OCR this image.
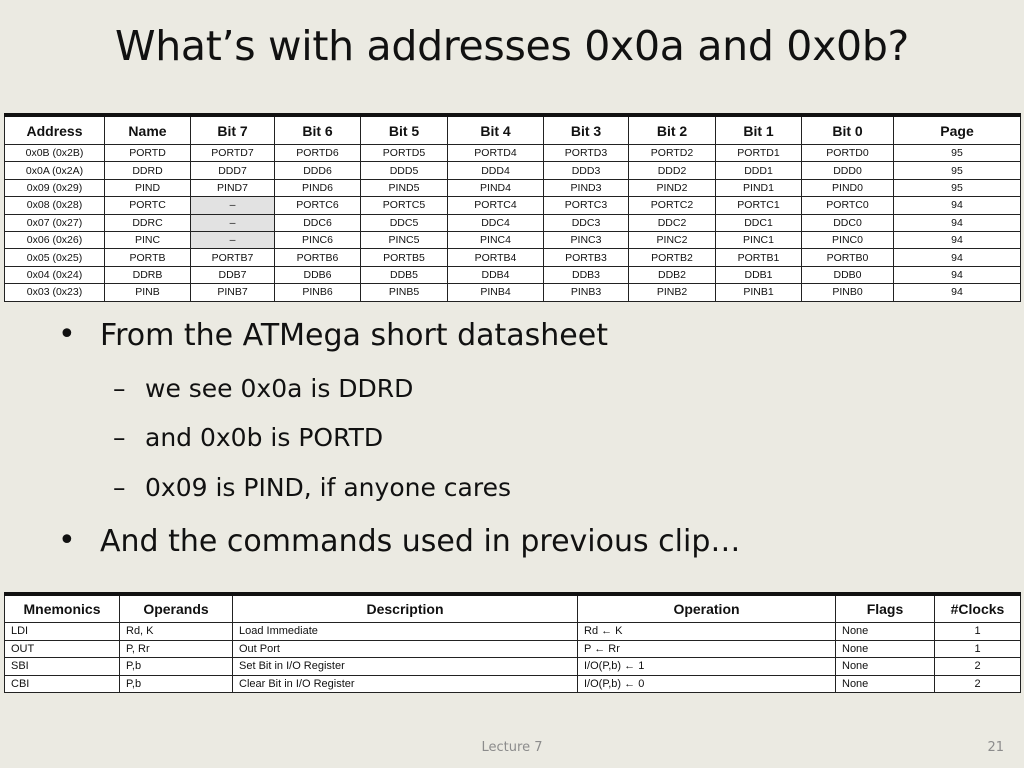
What’s with addresses 0x0a and 0x0b?
Address	Name	Bit 7	Bit 6	Bit 5	Bit 4	Bit 3	Bit 2	Bit 1	Bit 0	Page
0x0B (0x2B)	PORTD	PORTD7	PORTD6	PORTD5	PORTD4	PORTD3	PORTD2	PORTD1	PORTD0	95
0x0A (0x2A)	DDRD	DDD7	DDD6	DDD5	DDD4	DDD3	DDD2	DDD1	DDD0	95
0x09 (0x29)	PIND	PIND7	PIND6	PIND5	PIND4	PIND3	PIND2	PIND1	PIND0	95
0x08 (0x28)	PORTC	–	PORTC6	PORTC5	PORTC4	PORTC3	PORTC2	PORTC1	PORTC0	94
0x07 (0x27)	DDRC	–	DDC6	DDC5	DDC4	DDC3	DDC2	DDC1	DDC0	94
0x06 (0x26)	PINC	–	PINC6	PINC5	PINC4	PINC3	PINC2	PINC1	PINC0	94
0x05 (0x25)	PORTB	PORTB7	PORTB6	PORTB5	PORTB4	PORTB3	PORTB2	PORTB1	PORTB0	94
0x04 (0x24)	DDRB	DDB7	DDB6	DDB5	DDB4	DDB3	DDB2	DDB1	DDB0	94
0x03 (0x23)	PINB	PINB7	PINB6	PINB5	PINB4	PINB3	PINB2	PINB1	PINB0	94
• From the ATMega short datasheet
– we see 0x0a is DDRD
– and 0x0b is PORTD
– 0x09 is PIND, if anyone cares
• And the commands used in previous clip…
Mnemonics	Operands	Description	Operation	Flags	#Clocks
LDI	Rd, K	Load Immediate	Rd ← K	None	1
OUT	P, Rr	Out Port	P ← Rr	None	1
SBI	P,b	Set Bit in I/O Register	I/O(P,b) ← 1	None	2
CBI	P,b	Clear Bit in I/O Register	I/O(P,b) ← 0	None	2
Lecture 7	21
